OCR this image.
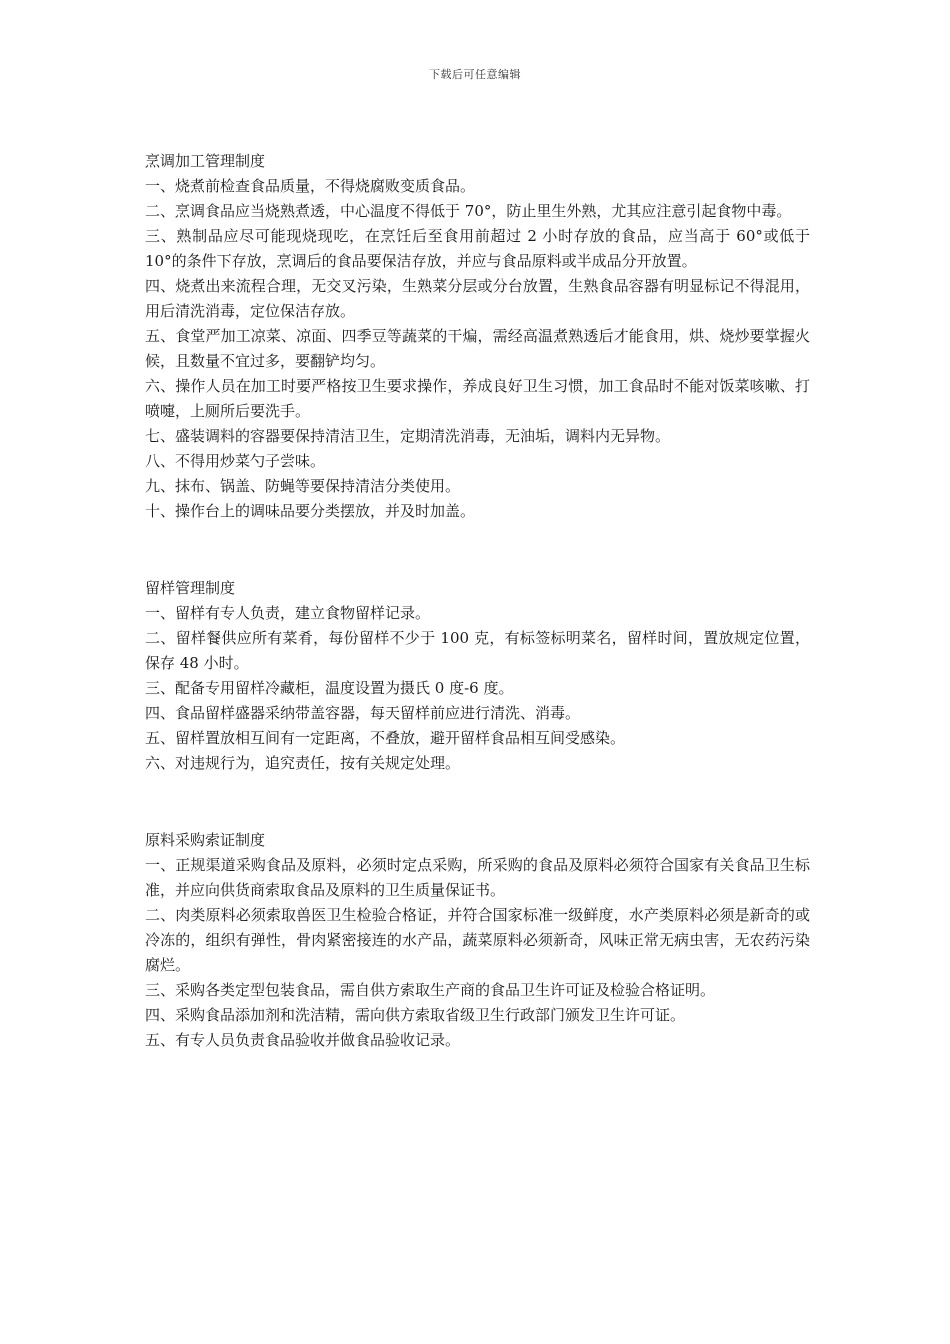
下载后可任意编辑

烹调加工管理制度

一、烧煮前检查食品质量，不得烧腐败变质食品。

二、烹调食品应当烧熟煮透，中心温度不得低于 70°，防止里生外熟，尤其应注意引起食物中毒。

三、熟制品应尽可能现烧现吃，在烹饪后至食用前超过 2 小时存放的食品，应当高于 60°或低于 10°的条件下存放，烹调后的食品要保洁存放，并应与食品原料或半成品分开放置。

四、烧煮出来流程合理，无交叉污染，生熟菜分层或分台放置，生熟食品容器有明显标记不得混用，用后清洗消毒，定位保洁存放。

五、食堂严加工凉菜、凉面、四季豆等蔬菜的干煸，需经高温煮熟透后才能食用，烘、烧炒要掌握火候，且数量不宜过多，要翻铲均匀。

六、操作人员在加工时要严格按卫生要求操作，养成良好卫生习惯，加工食品时不能对饭菜咳嗽、打喷嚏，上厕所后要洗手。

七、盛装调料的容器要保持清洁卫生，定期清洗消毒，无油垢，调料内无异物。

八、不得用炒菜勺子尝味。

九、抹布、锅盖、防蝇等要保持清洁分类使用。

十、操作台上的调味品要分类摆放，并及时加盖。

留样管理制度

一、留样有专人负责，建立食物留样记录。

二、留样餐供应所有菜肴，每份留样不少于 100 克，有标签标明菜名，留样时间，置放规定位置，保存 48 小时。

三、配备专用留样冷藏柜，温度设置为摄氏 0 度-6 度。

四、食品留样盛器采纳带盖容器，每天留样前应进行清洗、消毒。

五、留样置放相互间有一定距离，不叠放，避开留样食品相互间受感染。

六、对违规行为，追究责任，按有关规定处理。

原料采购索证制度

一、正规渠道采购食品及原料，必须时定点采购，所采购的食品及原料必须符合国家有关食品卫生标准，并应向供货商索取食品及原料的卫生质量保证书。

二、肉类原料必须索取兽医卫生检验合格证，并符合国家标准一级鲜度，水产类原料必须是新奇的或冷冻的，组织有弹性，骨肉紧密接连的水产品，蔬菜原料必须新奇，风味正常无病虫害，无农药污染腐烂。

三、采购各类定型包装食品，需自供方索取生产商的食品卫生许可证及检验合格证明。

四、采购食品添加剂和洗洁精，需向供方索取省级卫生行政部门颁发卫生许可证。

五、有专人员负责食品验收并做食品验收记录。
